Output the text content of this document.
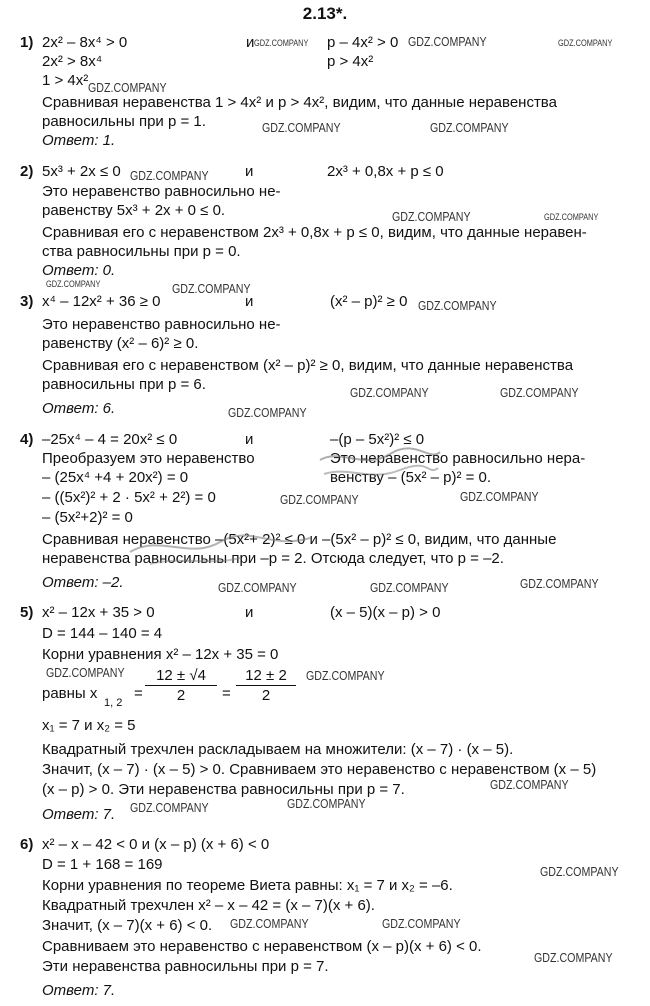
2.13*.
1) 2x² – 8x⁴ > 0	и	p – 4x² > 0
2x² > 8x⁴	p > 4x²
1 > 4x²
Сравнивая неравенства 1 > 4x² и p > 4x², видим, что данные неравенства
равносильны при p = 1.
Ответ: 1.
2) 5x³ + 2x ≤ 0	и	2x³ + 0,8x + p ≤ 0
Это неравенство равносильно не-
равенству 5x³ + 2x + 0 ≤ 0.
Сравнивая его с неравенством 2x³ + 0,8x + p ≤ 0, видим, что данные нерaвен-
ства равносильны при p = 0.
Ответ: 0.
3) x⁴ – 12x² + 36 ≥ 0	и	(x² – p)² ≥ 0
Это неравенство равносильно не-
равенству (x² – 6)² ≥ 0.
Сравнивая его с неравенством (x² – p)² ≥ 0, видим, что данные неравенства
равносильны при p = 6.
Ответ: 6.
4) –25x⁴ – 4 = 20x² ≤ 0	и	–(p – 5x²)² ≤ 0
Преобразуем это неравенство	Это неравенство равносильно нера-
– (25x⁴ +4 + 20x²) = 0	венству – (5x² – p)² = 0.
– ((5x²)² + 2 · 5x² + 2²) = 0
– (5x²+2)² = 0
Сравнивая неравенство –(5x²+ 2)² ≤ 0 и –(5x² – p)² ≤ 0, видим, что данные
неравенства равносильны при –p = 2. Отсюда следует, что p = –2.
Ответ: –2.
5) x² – 12x + 35 > 0	и	(x – 5)(x – p) > 0
D = 144 – 140 = 4
Корни уравнения x² – 12x + 35 = 0
равны x
1, 2
=
12 ± √4
2	=
12 ± 2
2
x₁ = 7 и x₂ = 5
Квадратный трехчлен раскладываем на множители: (x – 7) · (x – 5).
Значит, (x – 7) · (x – 5) > 0. Сравниваем это неравенство с неравенством (x – 5)
(x – p) > 0. Эти неравенства равносильны при p = 7.
Ответ: 7.
6) x² – x – 42 < 0 и (x – p) (x + 6) < 0
D = 1 + 168 = 169
Корни уравнения по теореме Виета равны: x₁ = 7 и x₂ = –6.
Квадратный трехчлен x² – x – 42 = (x – 7)(x + 6).
Значит, (x – 7)(x + 6) < 0.
Сравниваем это неравенство с неравенством (x – p)(x + 6) < 0.
Эти неравенства равносильны при p = 7.
Ответ: 7.
GDZ.COMPANY	GDZ.COMPANY	GDZ.COMPANY
GDZ.COMPANY
GDZ.COMPANY	GDZ.COMPANY
GDZ.COMPANY
GDZ.COMPANY	GDZ.COMPANY
GDZ.COMPANY	GDZ.COMPANY
GDZ.COMPANY
GDZ.COMPANY	GDZ.COMPANY
GDZ.COMPANY
GDZ.COMPANY	GDZ.COMPANY
GDZ.COMPANY	GDZ.COMPANY	GDZ.COMPANY
GDZ.COMPANY	GDZ.COMPANY
GDZ.COMPANY
GDZ.COMPANY	GDZ.COMPANY
GDZ.COMPANY
GDZ.COMPANY	GDZ.COMPANY
GDZ.COMPANY
